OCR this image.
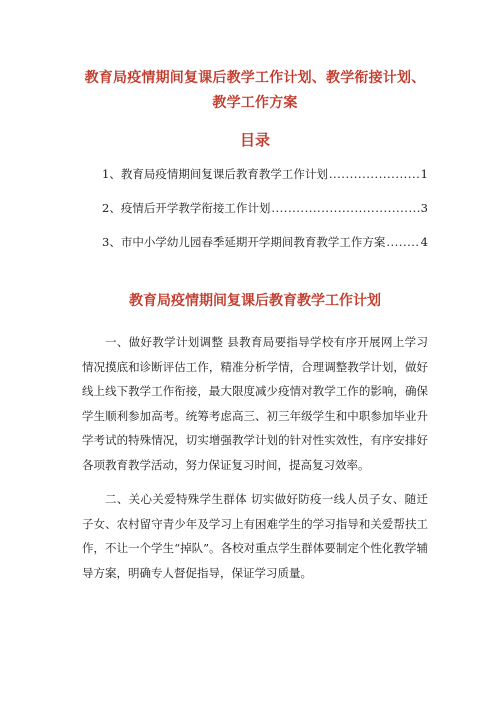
教育局疫情期间复课后教学工作计划、教学衔接计划、教学工作方案
目录
1、教育局疫情期间复课后教育教学工作计划 .....	1
2、疫情后开学教学衔接工作计划 .....	3
3、市中小学幼儿园春季延期开学期间教育教学工作方案 .....	4
教育局疫情期间复课后教育教学工作计划

一、做好教学计划调整 县教育局要指导学校有序开展网上学习情况摸底和诊断评估工作，精准分析学情，合理调整教学计划，做好线上线下教学工作衔接，最大限度减少疫情对教学工作的影响，确保学生顺利参加高考。统筹考虑高三、初三年级学生和中职参加毕业升学考试的特殊情况，切实增强教学计划的针对性实效性，有序安排好各项教育教学活动，努力保证复习时间，提高复习效率。

二、关心关爱特殊学生群体 切实做好防疫一线人员子女、随迁子女、农村留守青少年及学习上有困难学生的学习指导和关爱帮扶工作，不让一个学生“掉队”。各校对重点学生群体要制定个性化教学辅导方案，明确专人督促指导，保证学习质量。
